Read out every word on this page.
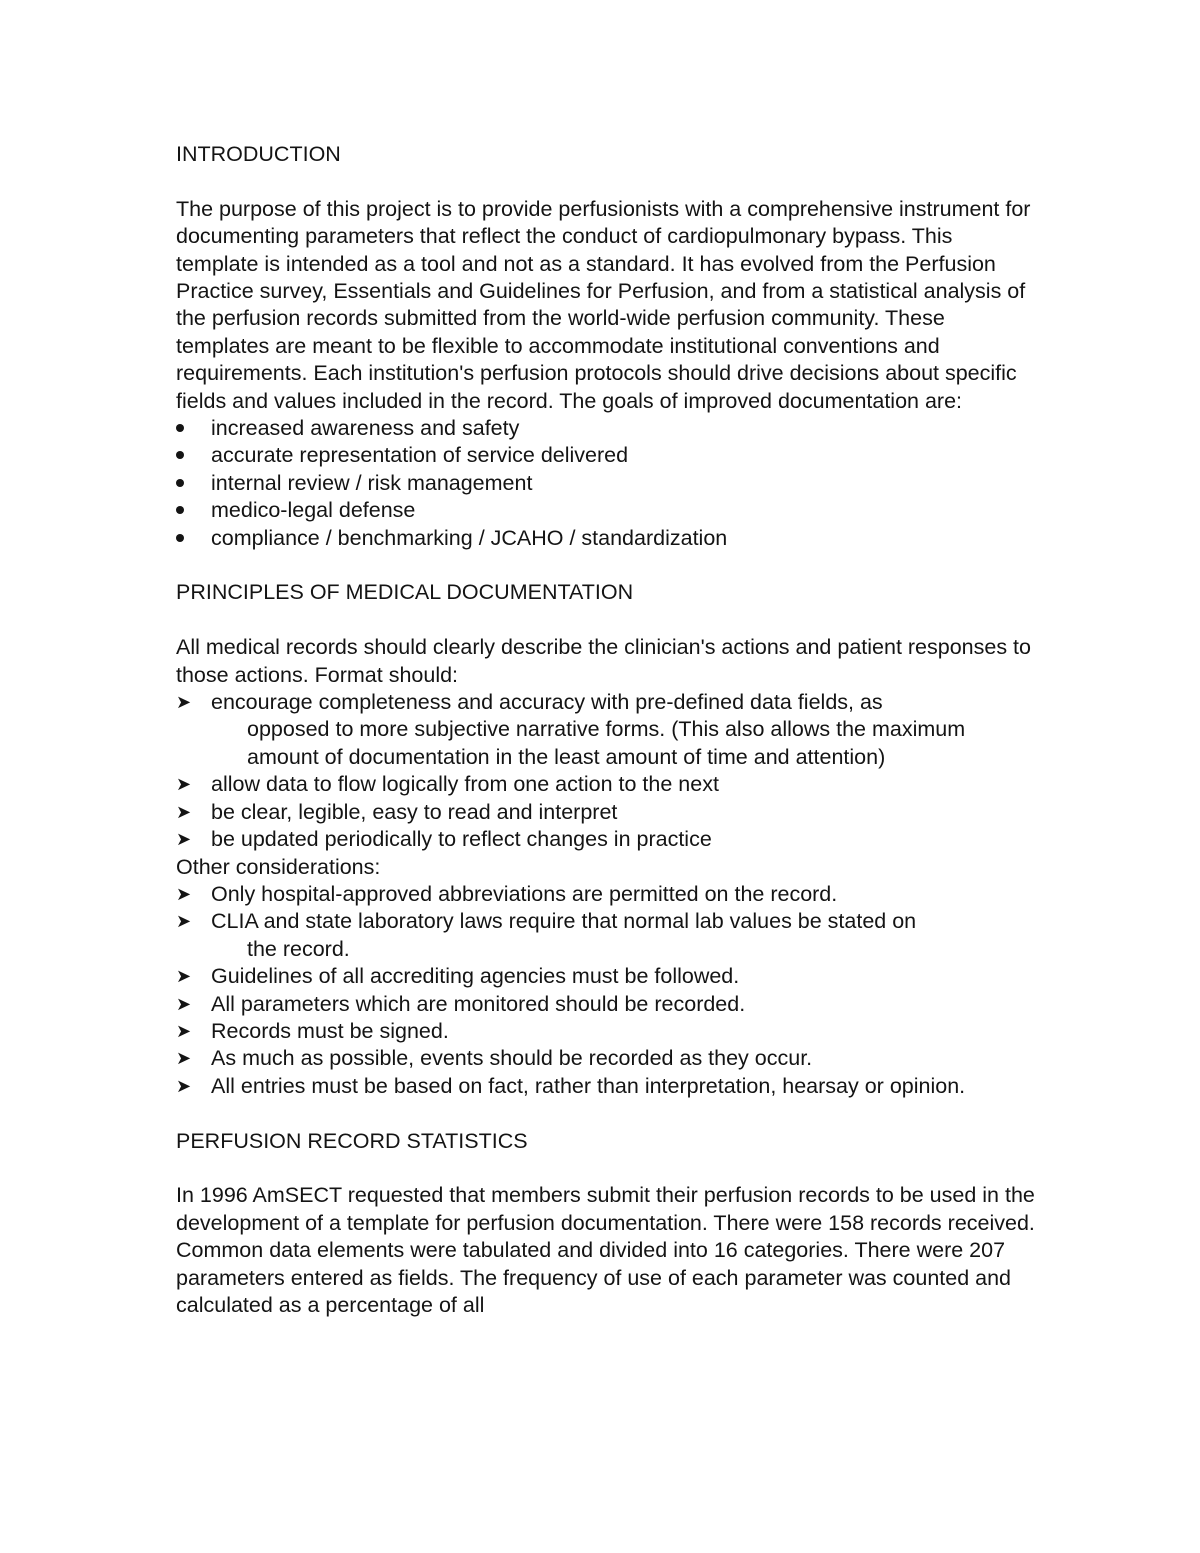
INTRODUCTION

The purpose of this project is to provide perfusionists with a comprehensive instrument for documenting parameters that reflect the conduct of cardiopulmonary bypass. This template is intended as a tool and not as a standard. It has evolved from the Perfusion Practice survey, Essentials and Guidelines for Perfusion, and from a statistical analysis of the perfusion records submitted from the world-wide perfusion community. These templates are meant to be flexible to accommodate institutional conventions and requirements. Each institution's perfusion protocols should drive decisions about specific fields and values included in the record. The goals of improved documentation are:

increased awareness and safety
accurate representation of service delivered
internal review / risk management
medico-legal defense
compliance / benchmarking / JCAHO / standardization

PRINCIPLES OF MEDICAL DOCUMENTATION

All medical records should clearly describe the clinician's actions and patient responses to those actions. Format should:

➤ encourage completeness and accuracy with pre-defined data fields, as
opposed to more subjective narrative forms. (This also allows the maximum amount of documentation in the least amount of time and attention)
➤ allow data to flow logically from one action to the next
➤ be clear, legible, easy to read and interpret
➤ be updated periodically to reflect changes in practice

Other considerations:

➤ Only hospital-approved abbreviations are permitted on the record.
➤ CLIA and state laboratory laws require that normal lab values be stated on
the record.
➤ Guidelines of all accrediting agencies must be followed.
➤ All parameters which are monitored should be recorded.
➤ Records must be signed.
➤ As much as possible, events should be recorded as they occur.
➤ All entries must be based on fact, rather than interpretation, hearsay or opinion.

PERFUSION RECORD STATISTICS

In 1996 AmSECT requested that members submit their perfusion records to be used in the development of a template for perfusion documentation. There were 158 records received. Common data elements were tabulated and divided into 16 categories. There were 207 parameters entered as fields. The frequency of use of each parameter was counted and calculated as a percentage of all
